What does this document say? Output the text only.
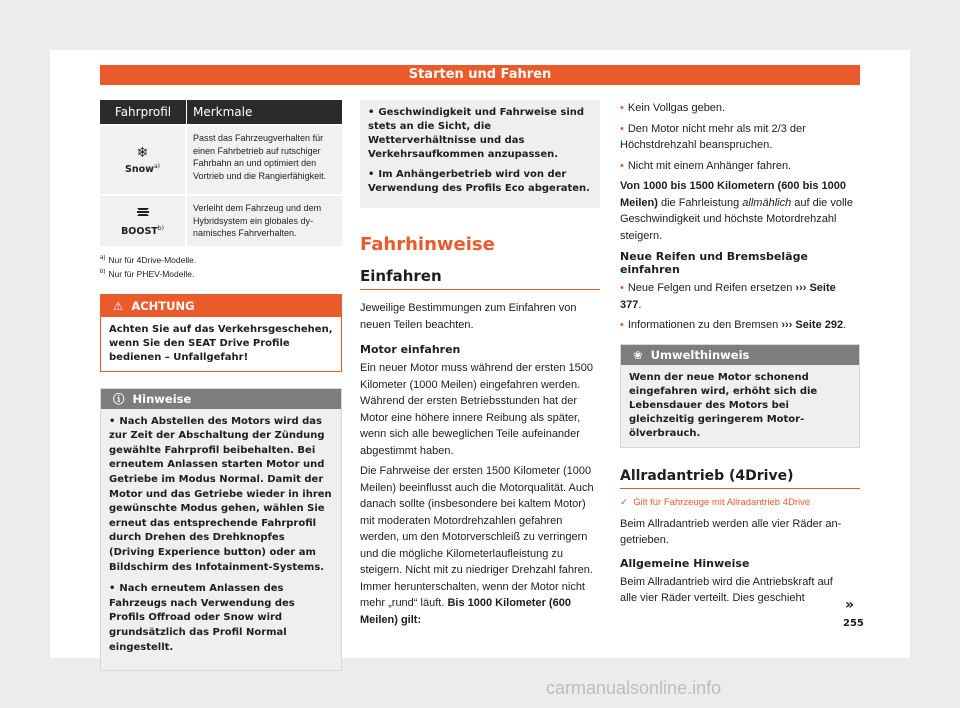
Starten und Fahren
Fahrprofil	Merkmale
❄
Snow$^{a)}$
Passt das Fahrzeugverhalten für einen Fahrbetrieb auf rutschiger Fahrbahn an und optimiert den Vortrieb und die Rangierfähigkeit.
BOOST$^{b)}$
Verleiht dem Fahrzeug und dem Hybridsystem ein globales dynamisches Fahrverhalten.
$^{a)}$ Nur für 4Drive-Modelle.
$^{b)}$ Nur für PHEV-Modelle.
⚠ ACHTUNG
Achten Sie auf das Verkehrsgeschehen, wenn Sie den SEAT Drive Profile bedienen – Unfallgefahr!
ⓘ Hinweise

• Nach Abstellen des Motors wird das zur Zeit der Abschaltung der Zündung gewählte Fahrprofil beibehalten. Bei erneutem Anlassen starten Motor und Getriebe im Modus Normal. Damit der Motor und das Getriebe wieder in ihren gewünschte Modus gehen, wählen Sie erneut das entsprechende Fahrprofil durch Drehen des Drehknopfes (Driving Experience button) oder am Bildschirm des Infotainment-Systems.

• Nach erneutem Anlassen des Fahrzeugs nach Verwendung des Profils Offroad oder Snow wird grundsätzlich das Profil Normal eingestellt.

• Geschwindigkeit und Fahrweise sind stets an die Sicht, die Wetterverhältnisse und das Verkehrsaufkommen anzupassen.

• Im Anhängerbetrieb wird von der Verwendung des Profils Eco abgeraten.

Fahrhinweise
Einfahren
Jeweilige Bestimmungen zum Einfahren von neuen Teilen beachten.
Motor einfahren
Ein neuer Motor muss während der ersten 1500 Kilometer (1000 Meilen) eingefahren werden. Während der ersten Betriebsstunden hat der Motor eine höhere innere Reibung als später, wenn sich alle beweglichen Teile aufeinander abgestimmt haben.
Die Fahrweise der ersten 1500 Kilometer (1000 Meilen) beeinflusst auch die Motorqualität. Auch danach sollte (insbesondere bei kaltem Motor) mit moderaten Motordrehzahlen gefahren werden, um den Motorverschleiß zu verringern und die mögliche Kilometerlaufleistung zu steigern. Nicht mit zu niedriger Drehzahl fahren. Immer herunterschalten, wenn der Motor nicht mehr „rund“ läuft. Bis 1000 Kilometer (600 Meilen) gilt:

• Kein Vollgas geben.

• Den Motor nicht mehr als mit 2/3 der Höchstdrehzahl beanspruchen.

• Nicht mit einem Anhänger fahren.

Von 1000 bis 1500 Kilometern (600 bis 1000 Meilen) die Fahrleistung allmählich auf die volle Geschwindigkeit und höchste Motordrehzahl steigern.

Neue Reifen und Bremsbeläge einfahren

• Neue Felgen und Reifen ersetzen ››› Seite 377.

• Informationen zu den Bremsen ››› Seite 292.

❀ Umwelthinweis
Wenn der neue Motor schonend eingefahren wird, erhöht sich die Lebensdauer des Motors bei gleichzeitig geringerem Motorölverbrauch.
Allradantrieb (4Drive)
✓ Gilt für Fahrzeuge mit Allradantrieb 4Drive
Beim Allradantrieb werden alle vier Räder angetrieben.
Allgemeine Hinweise
Beim Allradantrieb wird die Antriebskraft auf alle vier Räder verteilt. Dies geschieht	»
255
carmanualsonline.info
